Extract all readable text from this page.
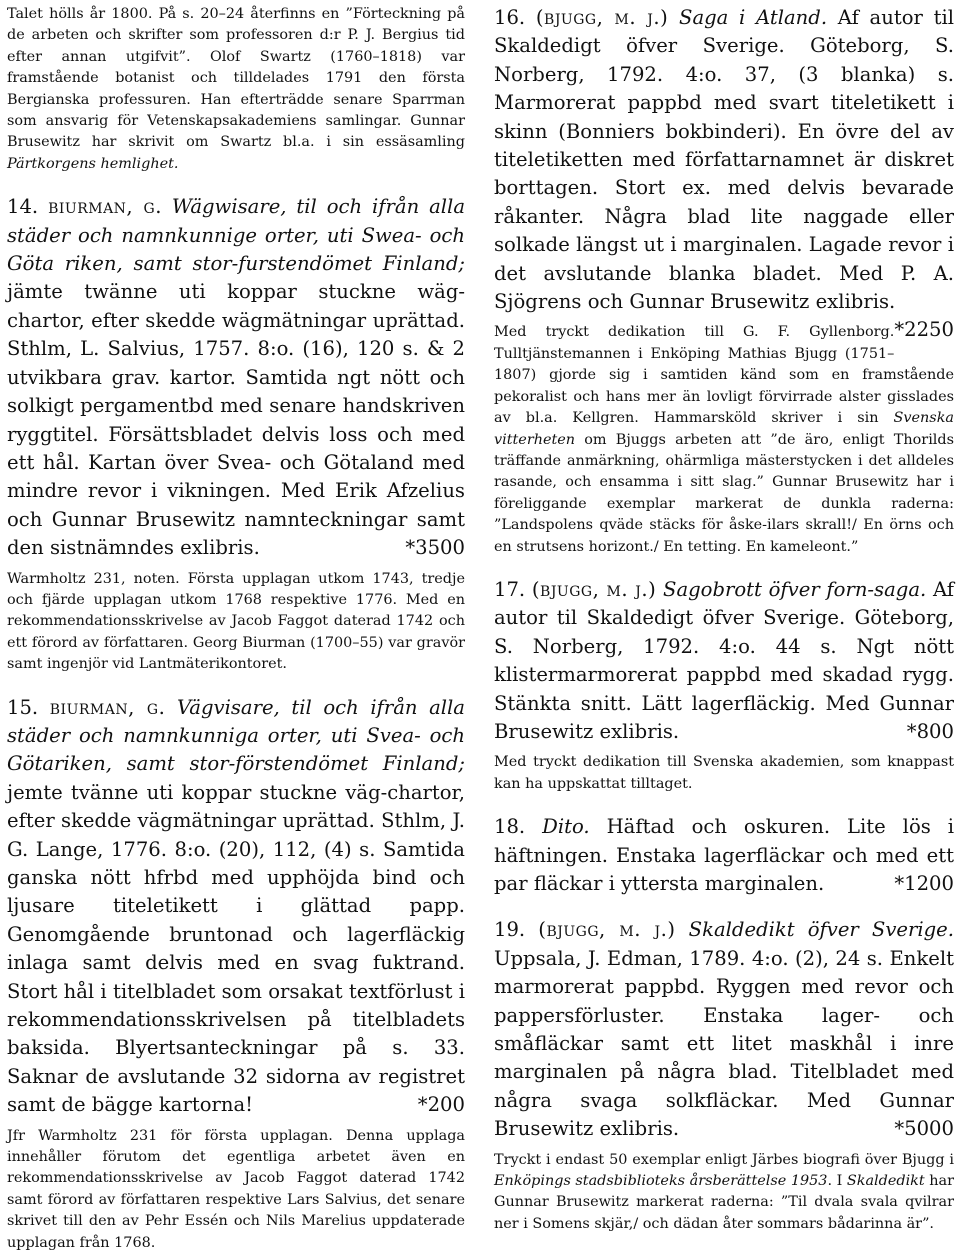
Talet hölls år 1800. På s. 20–24 återfinns en ”Förteckning på de arbeten och skrifter som professoren d:r P. J. Bergius tid efter annan utgifvit”. Olof Swartz (1760–1818) var framstående botanist och tilldelades 1791 den första Bergianska professuren. Han efterträdde senare Sparrman som ansvarig för Vetenskapsakademiens samlingar. Gunnar Brusewitz har skrivit om Swartz bl.a. i sin essäsamling Pärtkorgens hemlighet.

14. biurman, g. Wägwisare, til och ifrån alla städer och namnkunnige orter, uti Swea- och Göta riken, samt stor-furstendömet Finland; jämte twänne uti koppar stuckne wäg-chartor, efter skedde wägmätningar uprättad. Sthlm, L. Salvius, 1757. 8:o. (16), 120 s. & 2 utvikbara grav. kartor. Samtida ngt nött och solkigt pergamentbd med senare handskriven ryggtitel. Försättsbladet delvis loss och med ett hål. Kartan över Svea- och Götaland med mindre revor i vikningen. Med Erik Afzelius och Gunnar Brusewitz namnteckningar samt den sistnämndes exlibris.	*3500

Warmholtz 231, noten. Första upplagan utkom 1743, tredje och fjärde upplagan utkom 1768 respektive 1776. Med en rekommendationsskrivelse av Jacob Faggot daterad 1742 och ett förord av författaren. Georg Biurman (1700–55) var gravör samt ingenjör vid Lantmäterikontoret.

15. biurman, g. Vägvisare, til och ifrån alla städer och namnkunniga orter, uti Svea- och Götariken, samt stor-förstendömet Finland; jemte tvänne uti koppar stuckne väg-chartor, efter skedde vägmätningar uprättad. Sthlm, J. G. Lange, 1776. 8:o. (20), 112, (4) s. Samtida ganska nött hfrbd med upphöjda bind och ljusare titeletikett i glättad papp. Genomgående bruntonad och lagerfläckig inlaga samt delvis med en svag fuktrand. Stort hål i titelbladet som orsakat textförlust i rekommendationsskrivelsen på titelbladets baksida. Blyertsanteckningar på s. 33. Saknar de avslutande 32 sidorna av registret samt de bägge kartorna!	*200

Jfr Warmholtz 231 för första upplagan. Denna upplaga innehåller förutom det egentliga arbetet även en rekommendationsskrivelse av Jacob Faggot daterad 1742 samt förord av författaren respektive Lars Salvius, det senare skrivet till den av Pehr Essén och Nils Marelius uppdaterade upplagan från 1768.

16. (bjugg, m. j.) Saga i Atland. Af autor til Skaldedigt öfver Sverige. Göteborg, S. Norberg, 1792. 4:o. 37, (3 blanka) s. Marmorerat pappbd med svart titeletikett i skinn (Bonniers bokbinderi). En övre del av titeletiketten med författarnamnet är diskret borttagen. Stort ex. med delvis bevarade råkanter. Några blad lite naggade eller solkade längst ut i marginalen. Lagade revor i det avslutande blanka bladet. Med P. A. Sjögrens och Gunnar Brusewitz exlibris.
*2250

Med tryckt dedikation till G. F. Gyllenborg. Tulltjänstemannen i Enköping Mathias Bjugg (1751–1807) gjorde sig i samtiden känd som en framstående pekoralist och hans mer än lovligt förvirrade alster gisslades av bl.a. Kellgren. Hammarsköld skriver i sin Svenska vitterheten om Bjuggs arbeten att ”de äro, enligt Thorilds träffande anmärkning, ohärmliga mästerstycken i det alldeles rasande, och ensamma i sitt slag.” Gunnar Brusewitz har i föreliggande exemplar markerat de dunkla raderna: ”Landspolens qväde stäcks för åske-ilars skrall!/ En örns och en strutsens horizont./ En tetting. En kameleont.”

17. (bjugg, m. j.) Sagobrott öfver forn-saga. Af autor til Skaldedigt öfver Sverige. Göteborg, S. Norberg, 1792. 4:o. 44 s. Ngt nött klistermarmorerat pappbd med skadad rygg. Stänkta snitt. Lätt lagerfläckig. Med Gunnar Brusewitz exlibris.	*800

Med tryckt dedikation till Svenska akademien, som knappast kan ha uppskattat tilltaget.

18. Dito. Häftad och oskuren. Lite lös i häftningen. Enstaka lagerfläckar och med ett par fläckar i yttersta marginalen.	*1200

19. (bjugg, m. j.) Skaldedikt öfver Sverige. Uppsala, J. Edman, 1789. 4:o. (2), 24 s. Enkelt marmorerat pappbd. Ryggen med revor och pappersförluster. Enstaka lager- och småfläckar samt ett litet maskhål i inre marginalen på några blad. Titelbladet med några svaga solkfläckar. Med Gunnar Brusewitz exlibris.	*5000

Tryckt i endast 50 exemplar enligt Järbes biografi över Bjugg i Enköpings stadsbiblioteks årsberättelse 1953. I Skaldedikt har Gunnar Brusewitz markerat raderna: ”Til dvala svala qvilrar ner i Somens skjär,/ och dädan åter sommars bådarinna är”.
